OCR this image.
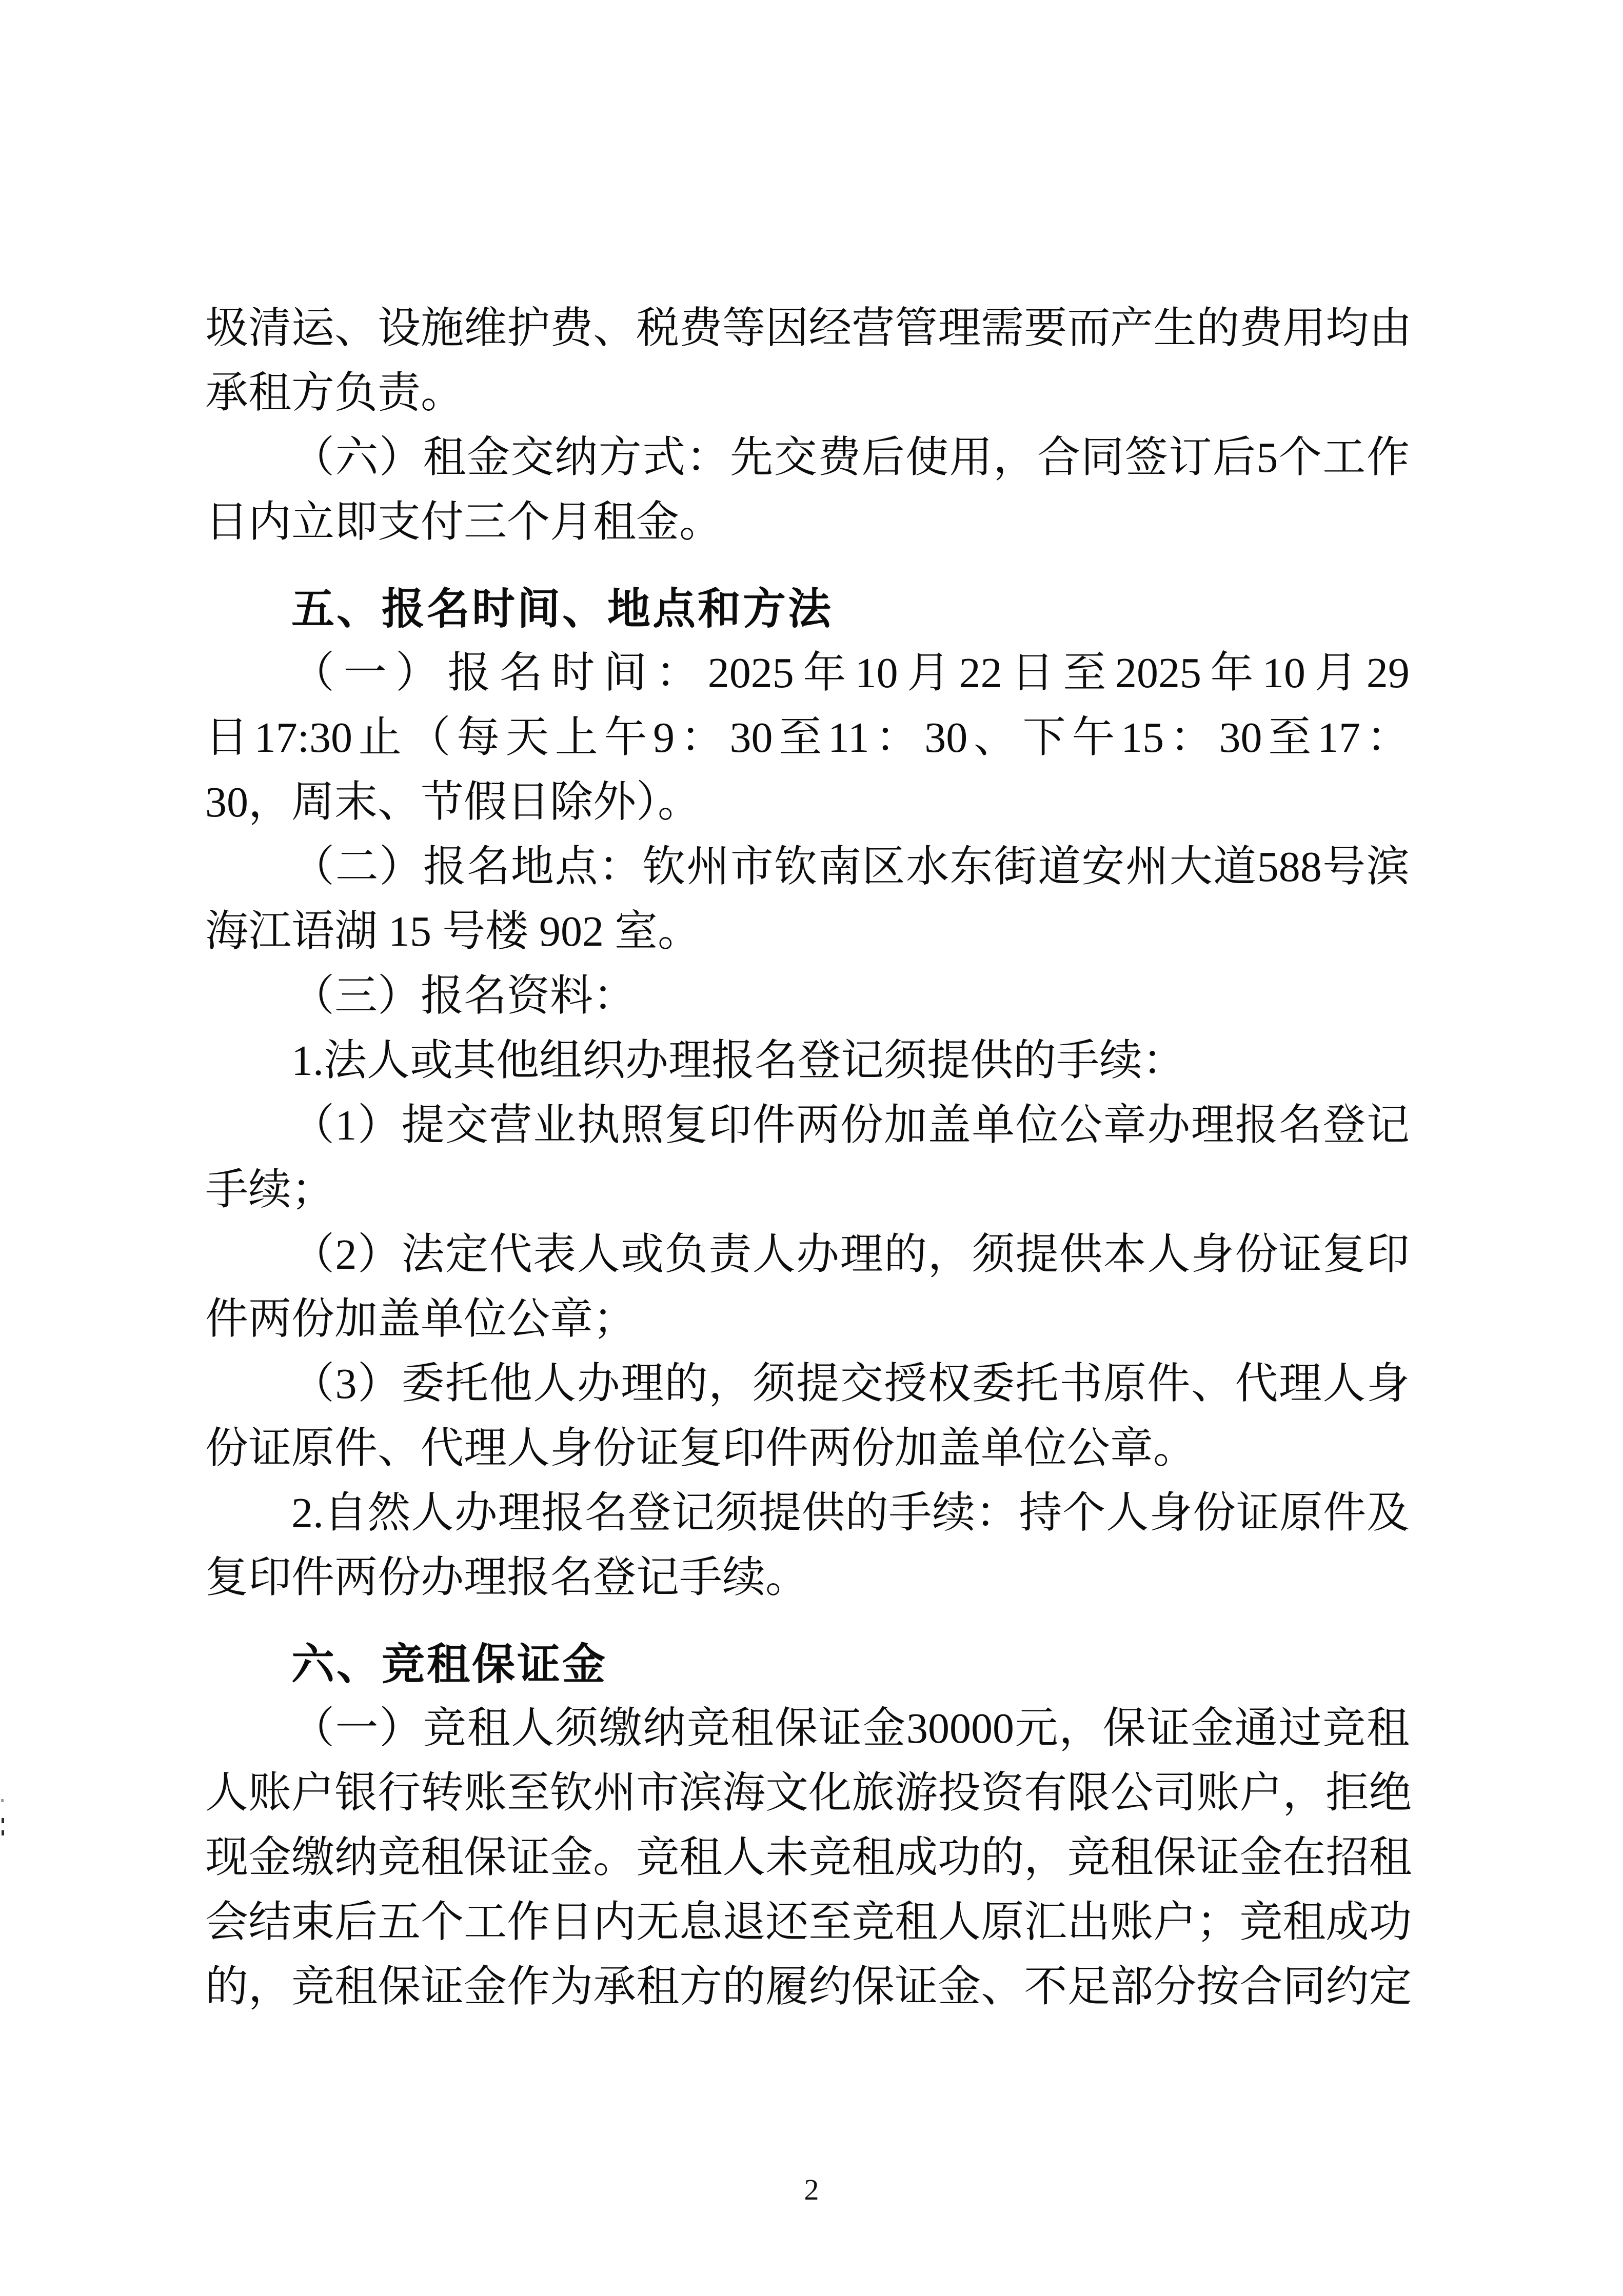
圾 清 运 、 设 施 维 护 费 、 税 费 等 因 经 营 管 理 需 要 而 产 生 的 费 用 均 由
承租方负责。
（ 六 ） 租 金 交 纳 方 式 ： 先 交 费 后 使 用 ， 合 同 签 订 后 5 个 工 作
日内立即支付三个月租金。
五、报名时间、地点和方法
（ 一 ） 报 名 时 间 ： 2025 年 10 月 22 日 至 2025 年 10 月 29
日 17:30 止 （ 每 天 上 午 9 ： 30 至 11 ： 30 、 下 午 15 ： 30 至 17 ：
30，周末、节假日除外）。
（ 二 ） 报 名 地 点 ： 钦 州 市 钦 南 区 水 东 街 道 安 州 大 道 588 号 滨
海江语湖 15 号楼 902 室。
（三）报名资料：
1.法人或其他组织办理报名登记须提供的手续：
（ 1 ） 提 交 营 业 执 照 复 印 件 两 份 加 盖 单 位 公 章 办 理 报 名 登 记
手续；
（ 2 ） 法 定 代 表 人 或 负 责 人 办 理 的 ， 须 提 供 本 人 身 份 证 复 印
件两份加盖单位公章；
（ 3 ） 委 托 他 人 办 理 的 ， 须 提 交 授 权 委 托 书 原 件 、 代 理 人 身
份证原件、代理人身份证复印件两份加盖单位公章。
2. 自 然 人 办 理 报 名 登 记 须 提 供 的 手 续 ： 持 个 人 身 份 证 原 件 及
复印件两份办理报名登记手续。
六、竞租保证金
（ 一 ） 竞 租 人 须 缴 纳 竞 租 保 证 金 30000 元 ， 保 证 金 通 过 竞 租
人 账 户 银 行 转 账 至 钦 州 市 滨 海 文 化 旅 游 投 资 有 限 公 司 账 户 ， 拒 绝
现 金 缴 纳 竞 租 保 证 金 。 竞 租 人 未 竞 租 成 功 的 ， 竞 租 保 证 金 在 招 租
会 结 束 后 五 个 工 作 日 内 无 息 退 还 至 竞 租 人 原 汇 出 账 户 ； 竞 租 成 功
的 ， 竞 租 保 证 金 作 为 承 租 方 的 履 约 保 证 金 、 不 足 部 分 按 合 同 约 定
2
